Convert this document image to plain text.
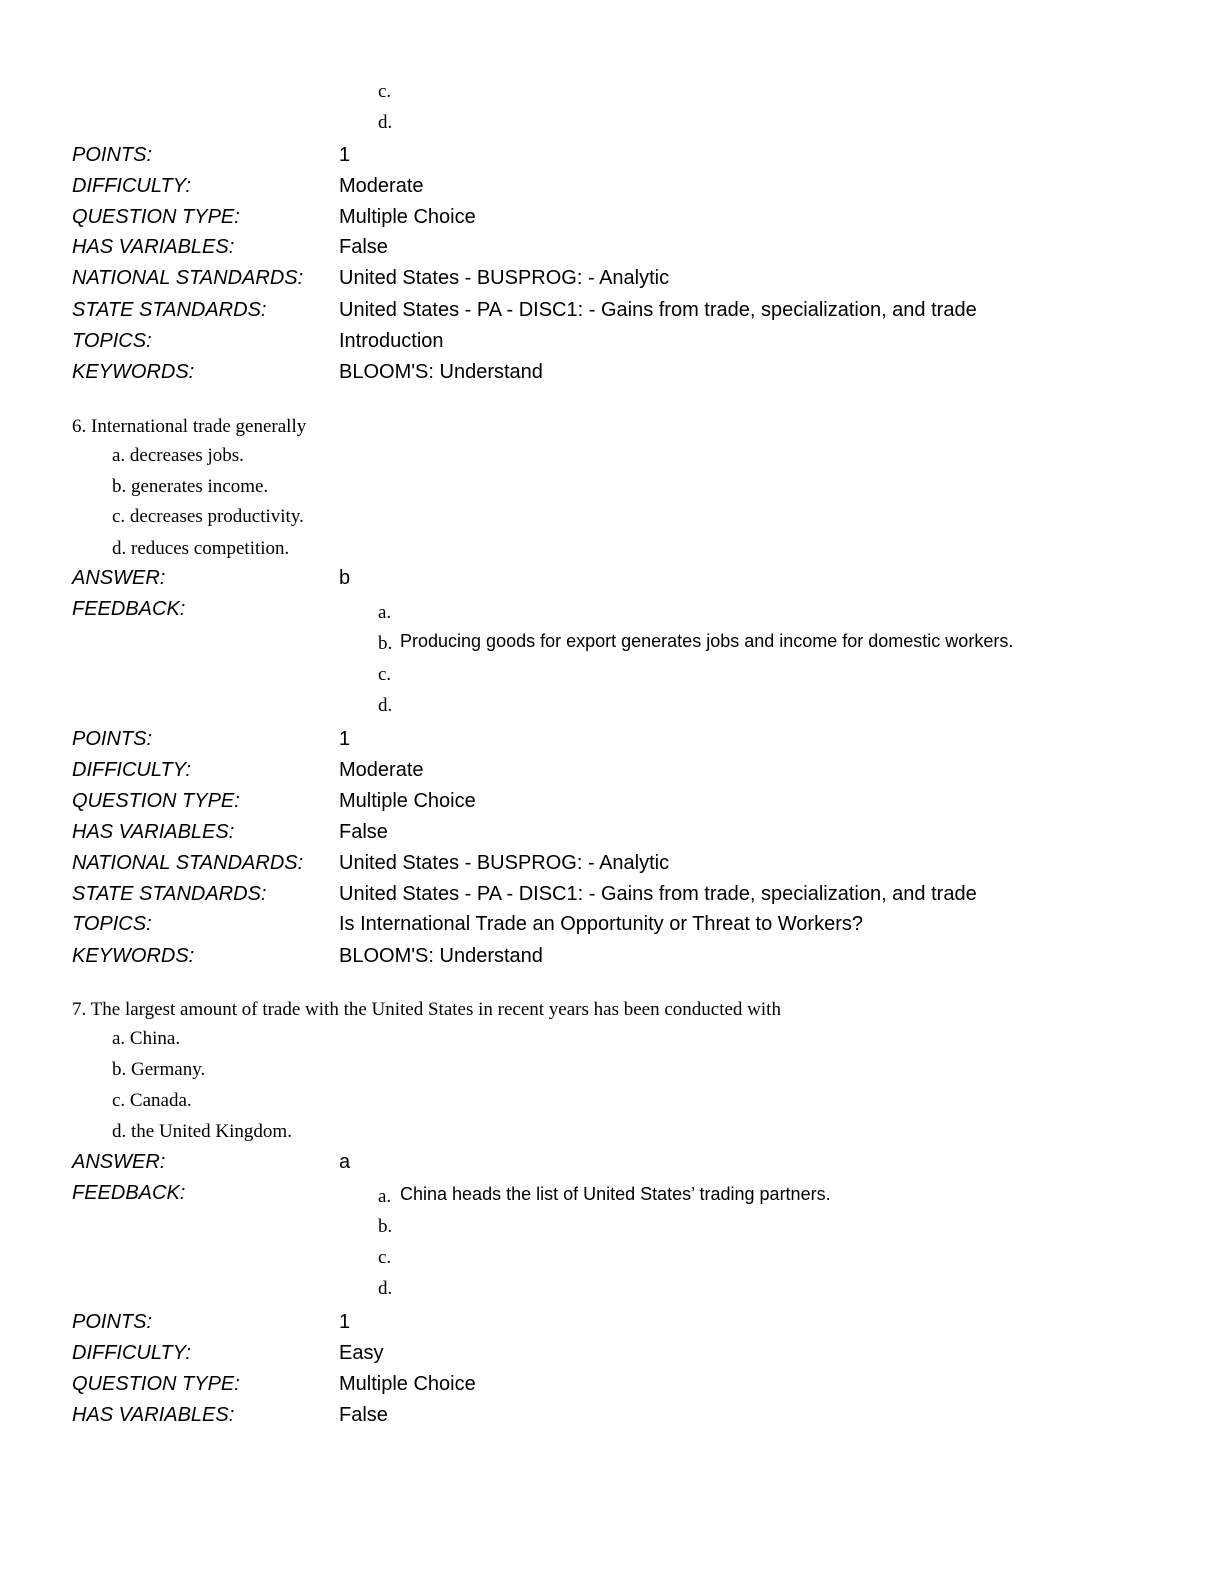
c.
d.
POINTS:	1
DIFFICULTY:	Moderate
QUESTION TYPE:	Multiple Choice
HAS VARIABLES:	False
NATIONAL STANDARDS: United States - BUSPROG: - Analytic
STATE STANDARDS:	United States - PA - DISC1: - Gains from trade, specialization, and trade
TOPICS:	Introduction
KEYWORDS:	BLOOM'S: Understand
6. International trade generally
a. decreases jobs.
b. generates income.
c. decreases productivity.
d. reduces competition.
ANSWER:	b
FEEDBACK:	a.
b. Producing goods for export generates jobs and income for domestic workers.
c.
d.
POINTS:	1
DIFFICULTY:	Moderate
QUESTION TYPE:	Multiple Choice
HAS VARIABLES:	False
NATIONAL STANDARDS: United States - BUSPROG: - Analytic
STATE STANDARDS:	United States - PA - DISC1: - Gains from trade, specialization, and trade
TOPICS:	Is International Trade an Opportunity or Threat to Workers?
KEYWORDS:	BLOOM'S: Understand
7. The largest amount of trade with the United States in recent years has been conducted with
a. China.
b. Germany.
c. Canada.
d. the United Kingdom.
ANSWER:	a
FEEDBACK:	a. China heads the list of United States’ trading partners.
b.
c.
d.
POINTS:	1
DIFFICULTY:	Easy
QUESTION TYPE:	Multiple Choice
HAS VARIABLES:	False
